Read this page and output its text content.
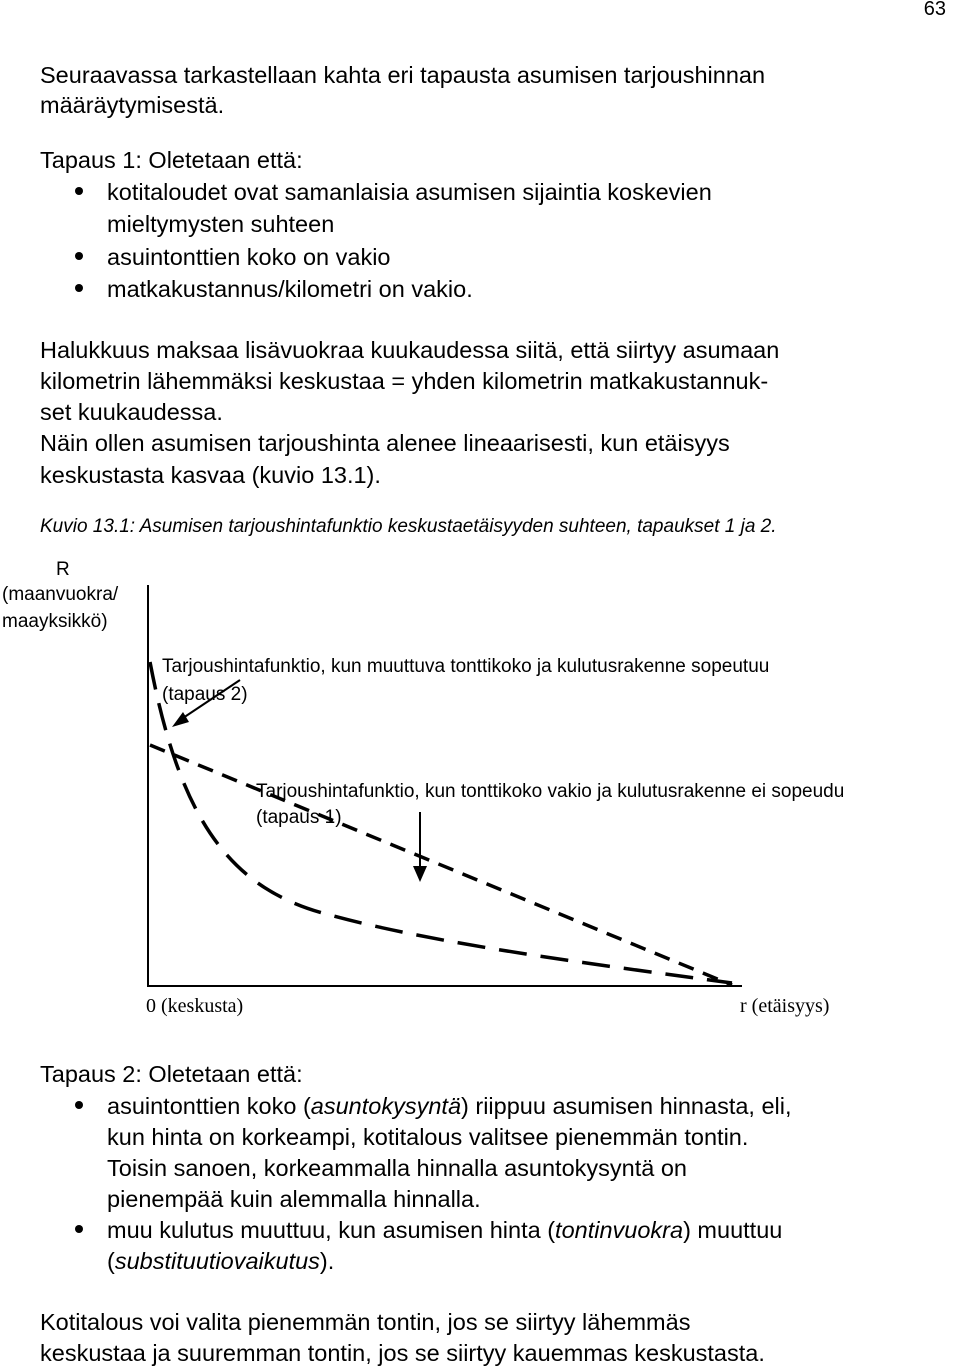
63
Seuraavassa tarkastellaan kahta eri tapausta asumisen tarjoushinnan
määräytymisestä.
Tapaus 1: Oletetaan että:
kotitaloudet ovat samanlaisia asumisen sijaintia koskevien
mieltymysten suhteen
asuintonttien koko on vakio
matkakustannus/kilometri on vakio.
Halukkuus maksaa lisävuokraa kuukaudessa siitä, että siirtyy asumaan
kilometrin lähemmäksi keskustaa = yhden kilometrin matkakustannuk-
set kuukaudessa.
Näin ollen asumisen tarjoushinta alenee lineaarisesti, kun etäisyys
keskustasta kasvaa (kuvio 13.1).
Kuvio 13.1: Asumisen tarjoushintafunktio keskustaetäisyyden suhteen, tapaukset 1 ja 2.
R
(maanvuokra/
maayksikkö)
Tarjoushintafunktio, kun muuttuva tonttikoko ja kulutusrakenne sopeutuu
(tapaus 2)
Tarjoushintafunktio, kun tonttikoko vakio ja kulutusrakenne ei sopeudu
(tapaus 1)
0 (keskusta)	r (etäisyys)
Tapaus 2: Oletetaan että:
asuintonttien koko (asuntokysyntä) riippuu asumisen hinnasta, eli,
kun hinta on korkeampi, kotitalous valitsee pienemmän tontin.
Toisin sanoen, korkeammalla hinnalla asuntokysyntä on
pienempää kuin alemmalla hinnalla.
muu kulutus muuttuu, kun asumisen hinta (tontinvuokra) muuttuu
(substituutiovaikutus).
Kotitalous voi valita pienemmän tontin, jos se siirtyy lähemmäs
keskustaa ja suuremman tontin, jos se siirtyy kauemmas keskustasta.
